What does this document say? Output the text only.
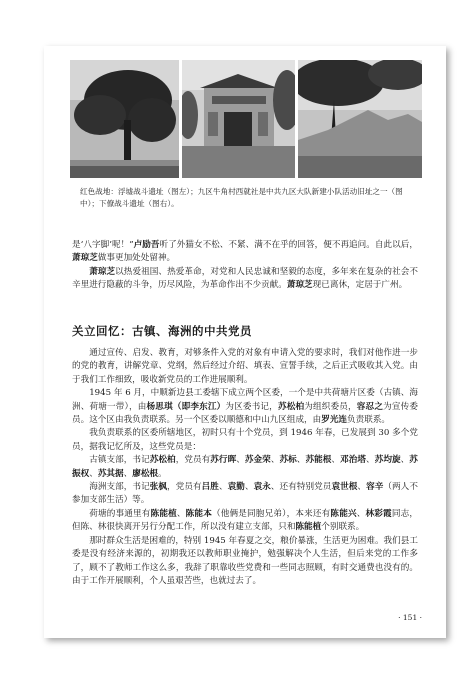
红色战地：浮墟战斗遗址（图左）；九区牛角村西就社是中共九区大队新建小队活动旧址之一（图中）；下僚战斗遗址（图右）。

是‘八字脚’呢！”卢励吾听了外猫女不松、不紧、满不在乎的回答，便不再追问。自此以后，萧琼芝做事更加处处留神。

萧琼芝以热爱祖国、热爱革命，对党和人民忠诚和坚毅的态度，多年来在复杂的社会不辛里进行隐蔽的斗争，历尽风险，为革命作出不少贡献。萧琼芝现已离休，定居于广州。

关立回忆：古镇、海洲的中共党员

通过宣传、启发、教育，对够条件入党的对象有申请入党的要求时，我们对他作进一步的党的教育，讲解党章、党纲，然后经过介绍、填表、宣誓手续，之后正式吸收其入党。由于我们工作细致，吸收新党员的工作进展顺利。

1945 年 6 月，中顺新边县工委辖下成立两个区委，一个是中共荷塘片区委（古镇、海洲、荷塘一带），由杨思琪（即李东江）为区委书记，苏松柏为组织委员，容忍之为宣传委员。这个区由我负责联系。另一个区委以顺德和中山九区组成，由罗光连负责联系。

我负责联系的区委所辖地区，初时只有十个党员，到 1946 年春，已发展到 30 多个党员，据我记忆所及，这些党员是：

古镇支部，书记苏松柏，党员有苏行晖、苏金荣、苏标、苏能根、邓治塔、苏均旋、苏振权、苏其据、廖松根。

海洲支部，书记张枫，党员有吕胜、袁勤、袁永、还有特别党员袁世根、容辛（两人不参加支部生活）等。

荷塘的事通里有陈能植、陈能本（他俩是同胞兄弟），本来还有陈能兴、林彩霞同志，但陈、林很快离开另行分配工作，所以没有建立支部，只和陈能植个别联系。

那时群众生活是困难的，特别 1945 年春夏之交，粮价暴涨，生活更为困难。我们县工委是没有经济来源的，初期我还以教师职业掩护，勉强解决个人生活，但后来党的工作多了，顾不了教师工作这么多，我辞了职靠收些党费和一些同志照顾，有时交通费也没有的。由于工作开展顺利，个人虽艰苦些，也就过去了。

· 151 ·
